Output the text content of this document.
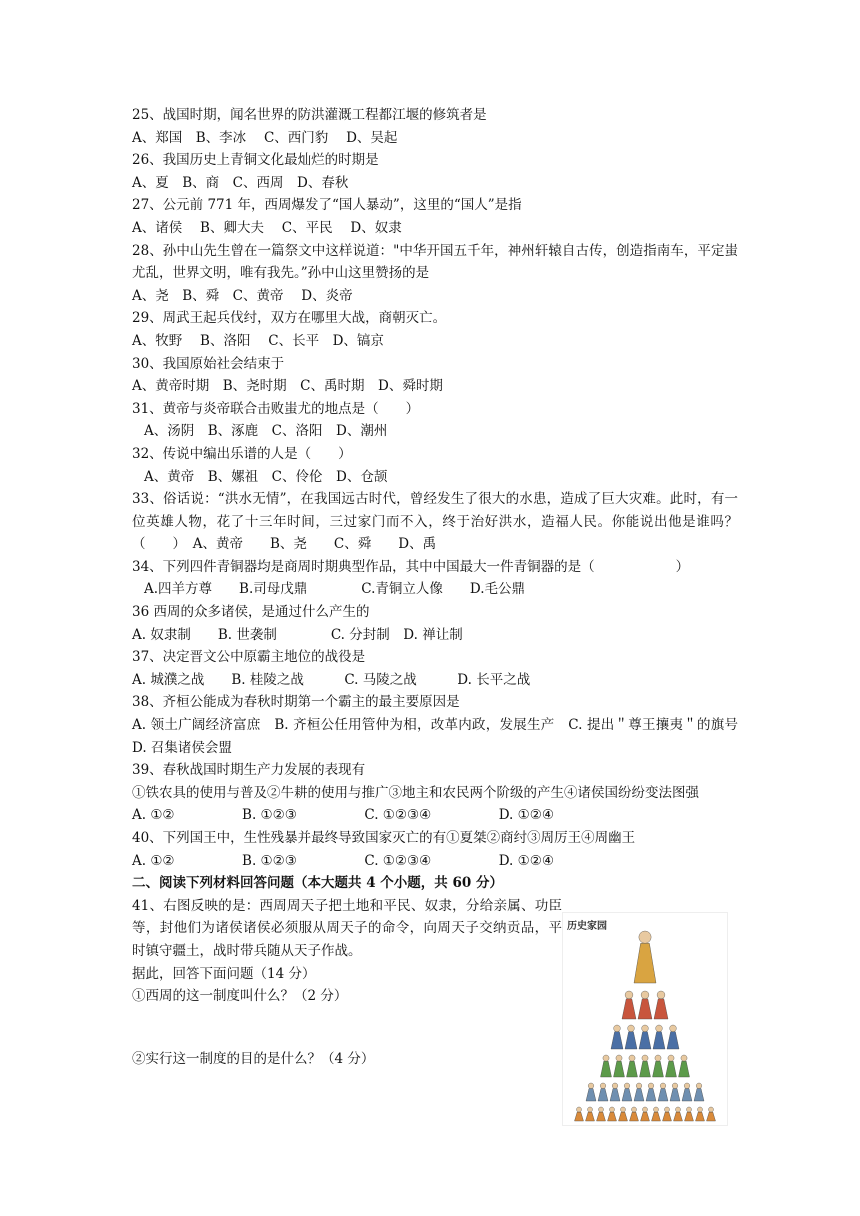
25、战国时期，闻名世界的防洪灌溉工程都江堰的修筑者是
A、郑国　B、李冰　 C、西门豹　 D、吴起
26、我国历史上青铜文化最灿烂的时期是
A、夏　B、商　C、西周　D、春秋
27、公元前 771 年，西周爆发了“国人暴动”，这里的“国人”是指
A、诸侯　 B、卿大夫　 C、平民　 D、奴隶
28、孙中山先生曾在一篇祭文中这样说道："中华开国五千年，神州轩辕自古传，创造指南车，平定蚩尤乱，世界文明，唯有我先。”孙中山这里赞扬的是
A、尧　B、舜　C、黄帝　 D、炎帝
29、周武王起兵伐纣，双方在哪里大战，商朝灭亡。
A、牧野　 B、洛阳　 C、长平　D、镐京
30、我国原始社会结束于
A、黄帝时期　B、尧时期　C、禹时期　D、舜时期
31、黄帝与炎帝联合击败蚩尤的地点是（　　）
A、汤阴　B、涿鹿　C、洛阳　D、潮州
32、传说中编出乐谱的人是（　　）
A、黄帝　B、嫘祖　C、伶伦　D、仓颉
33、俗话说：“洪水无情”，在我国远古时代，曾经发生了很大的水患，造成了巨大灾难。此时，有一位英雄人物，花了十三年时间，三过家门而不入，终于治好洪水，造福人民。你能说出他是谁吗？（　　）　A、黄帝　　B、尧　　C、舜　　D、禹
34、下列四件青铜器均是商周时期典型作品，其中中国最大一件青铜器的是（　　　　　　）
A.四羊方尊　　B.司母戊鼎　　　　C.青铜立人像　　D.毛公鼎
36 西周的众多诸侯，是通过什么产生的
A. 奴隶制　　B. 世袭制　　　　C. 分封制　D. 禅让制
37、决定晋文公中原霸主地位的战役是
A. 城濮之战　　B. 桂陵之战　　　C. 马陵之战　　　D. 长平之战
38、齐桓公能成为春秋时期第一个霸主的最主要原因是
A. 领土广阔经济富庶　B. 齐桓公任用管仲为相，改革内政，发展生产　C. 提出＂尊王攘夷＂的旗号　D. 召集诸侯会盟
39、春秋战国时期生产力发展的表现有
①铁农具的使用与普及②牛耕的使用与推广③地主和农民两个阶级的产生④诸侯国纷纷变法图强
A. ①②　　　　　B. ①②③　　　　　C. ①②③④　　　　　D. ①②④
40、下列国王中，生性残暴并最终导致国家灭亡的有①夏桀②商纣③周厉王④周幽王
A. ①②　　　　　B. ①②③　　　　　C. ①②③④　　　　　D. ①②④
二、阅读下列材料回答问题（本大题共 4 个小题，共 60 分）
41、右图反映的是：西周周天子把土地和平民、奴隶，分给亲属、功臣等，封他们为诸侯诸侯必须服从周天子的命令，向周天子交纳贡品，平时镇守疆土，战时带兵随从天子作战。
据此，回答下面问题（14 分）
①西周的这一制度叫什么？（2 分）
②实行这一制度的目的是什么？（4 分）
历史家园
